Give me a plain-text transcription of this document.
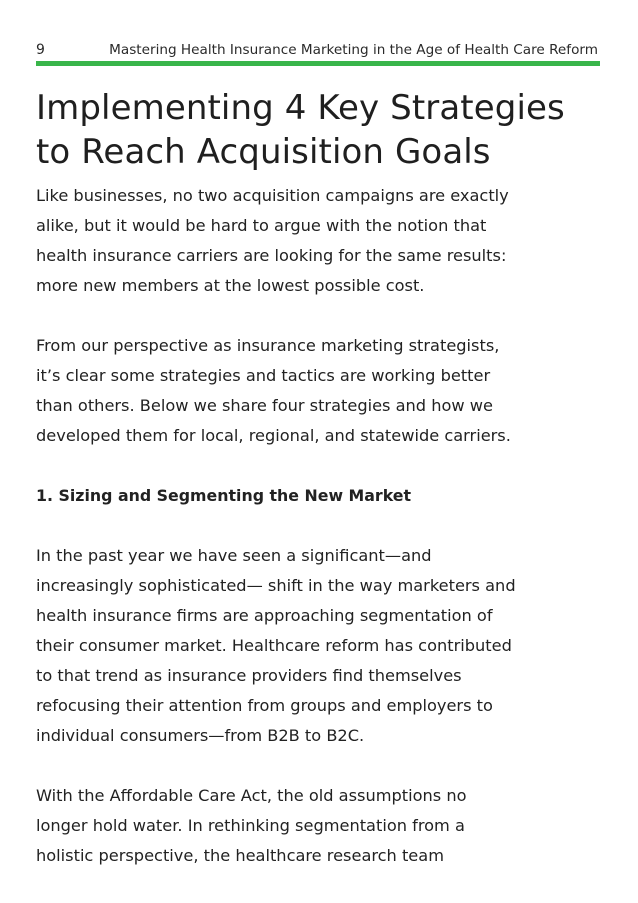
9	Mastering Health Insurance Marketing in the Age of Health Care Reform
Implementing 4 Key Strategies
to Reach Acquisition Goals
Like businesses, no two acquisition campaigns are exactly
alike, but it would be hard to argue with the notion that
health insurance carriers are looking for the same results:
more new members at the lowest possible cost.
From our perspective as insurance marketing strategists,
it’s clear some strategies and tactics are working better
than others. Below we share four strategies and how we
developed them for local, regional, and statewide carriers.
1. Sizing and Segmenting the New Market
In the past year we have seen a significant—and
increasingly sophisticated— shift in the way marketers and
health insurance firms are approaching segmentation of
their consumer market. Healthcare reform has contributed
to that trend as insurance providers find themselves
refocusing their attention from groups and employers to
individual consumers—from B2B to B2C.
With the Affordable Care Act, the old assumptions no
longer hold water. In rethinking segmentation from a
holistic perspective, the healthcare research team
